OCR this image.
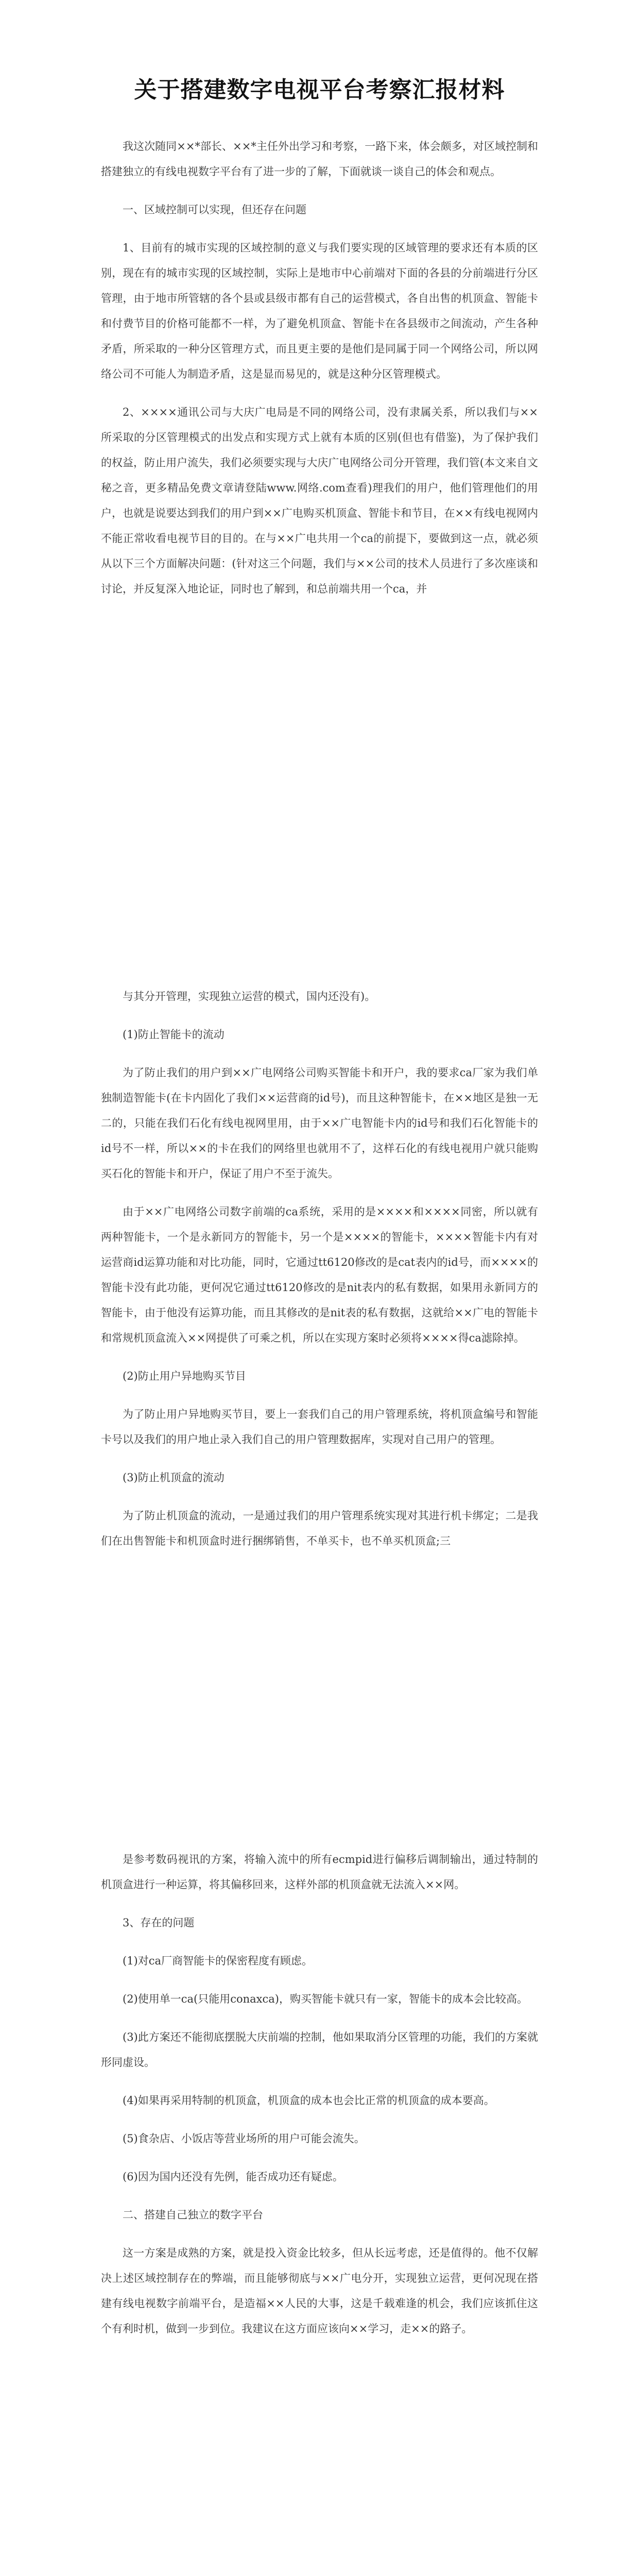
关于搭建数字电视平台考察汇报材料

我这次随同××*部长、××*主任外出学习和考察，一路下来，体会颇多，对区域控制和搭建独立的有线电视数字平台有了进一步的了解，下面就谈一谈自己的体会和观点。

一、区域控制可以实现，但还存在问题

1、目前有的城市实现的区域控制的意义与我们要实现的区域管理的要求还有本质的区别，现在有的城市实现的区域控制，实际上是地市中心前端对下面的各县的分前端进行分区管理，由于地市所管辖的各个县或县级市都有自己的运营模式，各自出售的机顶盒、智能卡和付费节目的价格可能都不一样，为了避免机顶盒、智能卡在各县级市之间流动，产生各种矛盾，所采取的一种分区管理方式，而且更主要的是他们是同属于同一个网络公司，所以网络公司不可能人为制造矛盾，这是显而易见的，就是这种分区管理模式。

2、××××通讯公司与大庆广电局是不同的网络公司，没有隶属关系，所以我们与××所采取的分区管理模式的出发点和实现方式上就有本质的区别(但也有借鉴)，为了保护我们的权益，防止用户流失，我们必须要实现与大庆广电网络公司分开管理，我们管(本文来自文秘之音，更多精品免费文章请登陆www.网络.com查看)理我们的用户，他们管理他们的用户，也就是说要达到我们的用户到××广电购买机顶盒、智能卡和节目，在××有线电视网内不能正常收看电视节目的目的。在与××广电共用一个ca的前提下，要做到这一点，就必须从以下三个方面解决问题：(针对这三个问题，我们与××公司的技术人员进行了多次座谈和讨论，并反复深入地论证，同时也了解到，和总前端共用一个ca，并

与其分开管理，实现独立运营的模式，国内还没有)。

(1)防止智能卡的流动

为了防止我们的用户到××广电网络公司购买智能卡和开户，我的要求ca厂家为我们单独制造智能卡(在卡内固化了我们××运营商的id号)，而且这种智能卡，在××地区是独一无二的，只能在我们石化有线电视网里用，由于××广电智能卡内的id号和我们石化智能卡的id号不一样，所以××的卡在我们的网络里也就用不了，这样石化的有线电视用户就只能购买石化的智能卡和开户，保证了用户不至于流失。

由于××广电网络公司数字前端的ca系统，采用的是××××和××××同密，所以就有两种智能卡，一个是永新同方的智能卡，另一个是××××的智能卡，××××智能卡内有对运营商id运算功能和对比功能，同时，它通过tt6120修改的是cat表内的id号，而××××的智能卡没有此功能，更何况它通过tt6120修改的是nit表内的私有数据，如果用永新同方的智能卡，由于他没有运算功能，而且其修改的是nit表的私有数据，这就给××广电的智能卡和常规机顶盒流入××网提供了可乘之机，所以在实现方案时必须将××××得ca滤除掉。

(2)防止用户异地购买节目

为了防止用户异地购买节目，要上一套我们自己的用户管理系统，将机顶盒编号和智能卡号以及我们的用户地止录入我们自己的用户管理数据库，实现对自己用户的管理。

(3)防止机顶盒的流动

为了防止机顶盒的流动，一是通过我们的用户管理系统实现对其进行机卡绑定；二是我们在出售智能卡和机顶盒时进行捆绑销售，不单买卡，也不单买机顶盒;三

是参考数码视讯的方案，将输入流中的所有ecmpid进行偏移后调制输出，通过特制的机顶盒进行一种运算，将其偏移回来，这样外部的机顶盒就无法流入××网。

3、存在的问题

(1)对ca厂商智能卡的保密程度有顾虑。

(2)使用单一ca(只能用conaxca)，购买智能卡就只有一家，智能卡的成本会比较高。

(3)此方案还不能彻底摆脱大庆前端的控制，他如果取消分区管理的功能，我们的方案就形同虚设。

(4)如果再采用特制的机顶盒，机顶盒的成本也会比正常的机顶盒的成本要高。

(5)食杂店、小饭店等营业场所的用户可能会流失。

(6)因为国内还没有先例，能否成功还有疑虑。

二、搭建自己独立的数字平台

这一方案是成熟的方案，就是投入资金比较多，但从长远考虑，还是值得的。他不仅解决上述区域控制存在的弊端，而且能够彻底与××广电分开，实现独立运营，更何况现在搭建有线电视数字前端平台，是造福××人民的大事，这是千载难逢的机会，我们应该抓住这个有利时机，做到一步到位。我建议在这方面应该向××学习，走××的路子。
